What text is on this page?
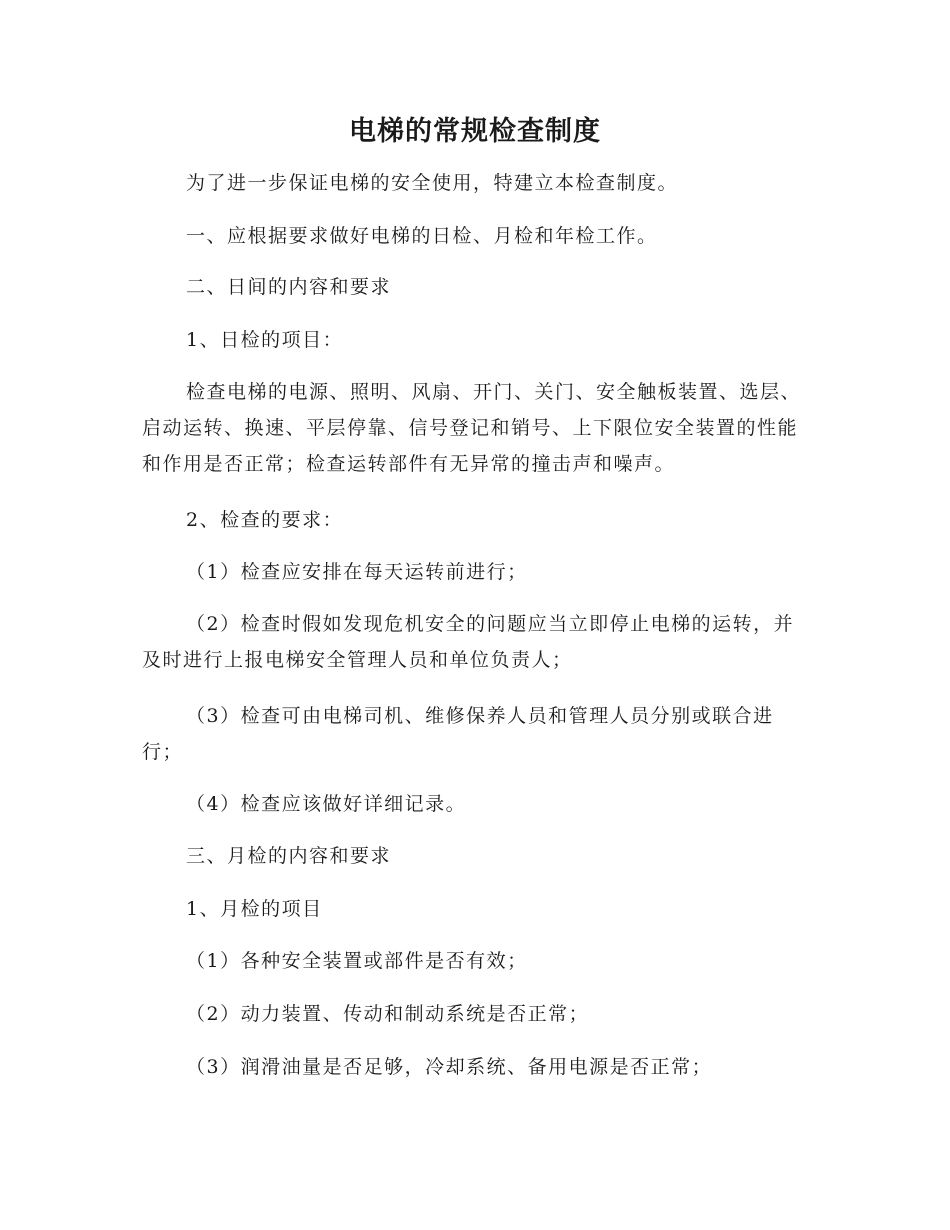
电梯的常规检查制度

为了进一步保证电梯的安全使用，特建立本检查制度。

一、应根据要求做好电梯的日检、月检和年检工作。

二、日间的内容和要求

1、日检的项目：

检查电梯的电源、照明、风扇、开门、关门、安全触板装置、选层、启动运转、换速、平层停靠、信号登记和销号、上下限位安全装置的性能和作用是否正常；检查运转部件有无异常的撞击声和噪声。

2、检查的要求：

（1）检查应安排在每天运转前进行；

（2）检查时假如发现危机安全的问题应当立即停止电梯的运转，并及时进行上报电梯安全管理人员和单位负责人；

（3）检查可由电梯司机、维修保养人员和管理人员分别或联合进行；

（4）检查应该做好详细记录。

三、月检的内容和要求

1、月检的项目

（1）各种安全装置或部件是否有效；

（2）动力装置、传动和制动系统是否正常；

（3）润滑油量是否足够，冷却系统、备用电源是否正常；
